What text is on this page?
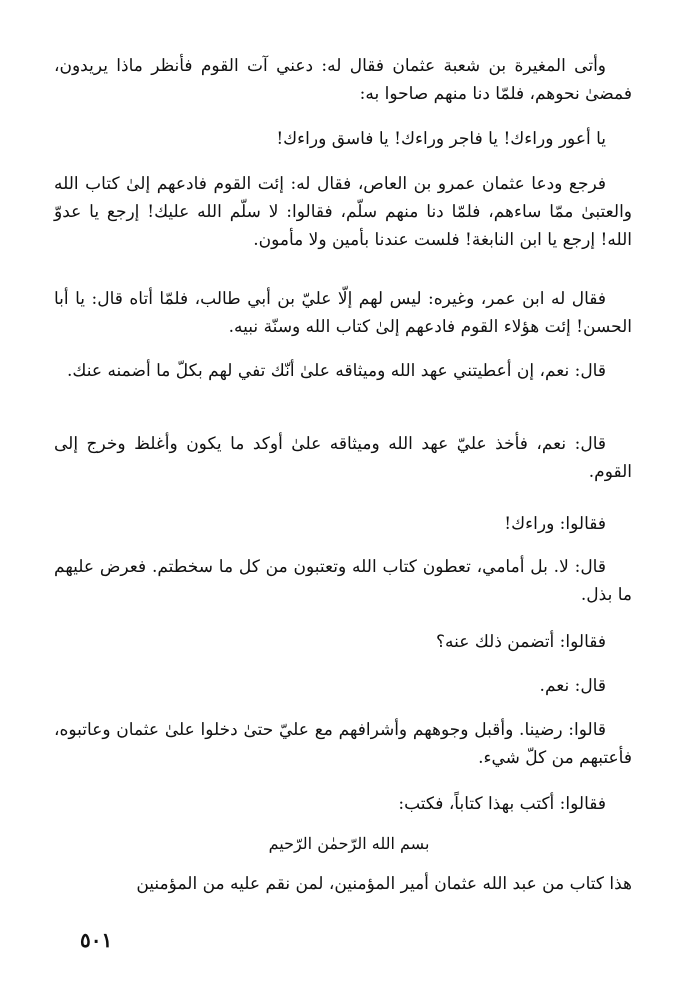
وأتى المغيرة بن شعبة عثمان فقال له: دعني آت القوم فأنظر ماذا يريدون، فمضىٰ نحوهم، فلمّا دنا منهم صاحوا به:

يا أعور وراءك! يا فاجر وراءك! يا فاسق وراءك!

فرجع ودعا عثمان عمرو بن العاص، فقال له: إئت القوم فادعهم إلىٰ كتاب الله والعتبىٰ ممّا ساءهم، فلمّا دنا منهم سلّم، فقالوا: لا سلّم الله عليك! إرجع يا عدوّ الله! إرجع يا ابن النابغة! فلست عندنا بأمين ولا مأمون.

فقال له ابن عمر، وغيره: ليس لهم إلّا عليّ بن أبي طالب، فلمّا أتاه قال: يا أبا الحسن! إئت هؤلاء القوم فادعهم إلىٰ كتاب الله وسنّة نبيه.

قال: نعم، إن أعطيتني عهد الله وميثاقه علىٰ أنّك تفي لهم بكلّ ما أضمنه عنك.

قال: نعم، فأخذ عليّ عهد الله وميثاقه علىٰ أوكد ما يكون وأغلظ وخرج إلى القوم.

فقالوا: وراءك!

قال: لا. بل أمامي، تعطون كتاب الله وتعتبون من كل ما سخطتم. فعرض عليهم ما بذل.

فقالوا: أتضمن ذلك عنه؟

قال: نعم.

قالوا: رضينا. وأقبل وجوههم وأشرافهم مع عليّ حتىٰ دخلوا علىٰ عثمان وعاتبوه، فأعتبهم من كلّ شيء.

فقالوا: أكتب بهذا كتاباً، فكتب:

بسم الله الرّحمٰن الرّحيم

هذا كتاب من عبد الله عثمان أمير المؤمنين، لمن نقم عليه من المؤمنين

٥٠١
